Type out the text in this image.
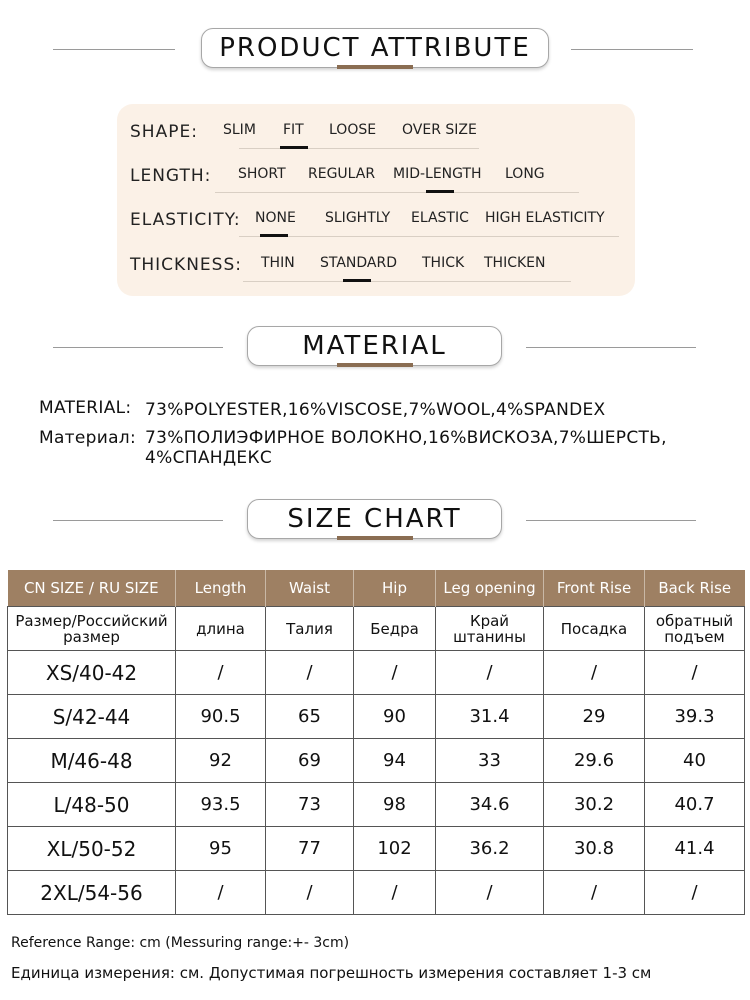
PRODUCT ATTRIBUTE
SHAPE: SLIM FIT LOOSE OVER SIZE
LENGTH: SHORT REGULAR MID-LENGTH LONG
ELASTICITY: NONE SLIGHTLY ELASTIC HIGH ELASTICITY
THICKNESS: THIN STANDARD THICK THICKEN
MATERIAL
MATERIAL: 73%POLYESTER,16%VISCOSE,7%WOOL,4%SPANDEX
Материал: 73%ПОЛИЭФИРНОЕ ВОЛОКНО,16%ВИСКОЗА,7%ШЕРСТЬ,
4%СПАНДЕКС
SIZE CHART
CN SIZE / RU SIZE	Length	Waist	Hip	Leg opening	Front Rise	Back Rise
Размер/Российский размер	длина	Талия	Бедра	Край штанины	Посадка	обратный подъем
XS/40-42	/	/	/	/	/	/
S/42-44	90.5	65	90	31.4	29	39.3
M/46-48	92	69	94	33	29.6	40
L/48-50	93.5	73	98	34.6	30.2	40.7
XL/50-52	95	77	102	36.2	30.8	41.4
2XL/54-56	/	/	/	/	/	/
Reference Range: cm (Messuring range:+- 3cm)
Единица измерения: см. Допустимая погрешность измерения составляет 1-3 см
